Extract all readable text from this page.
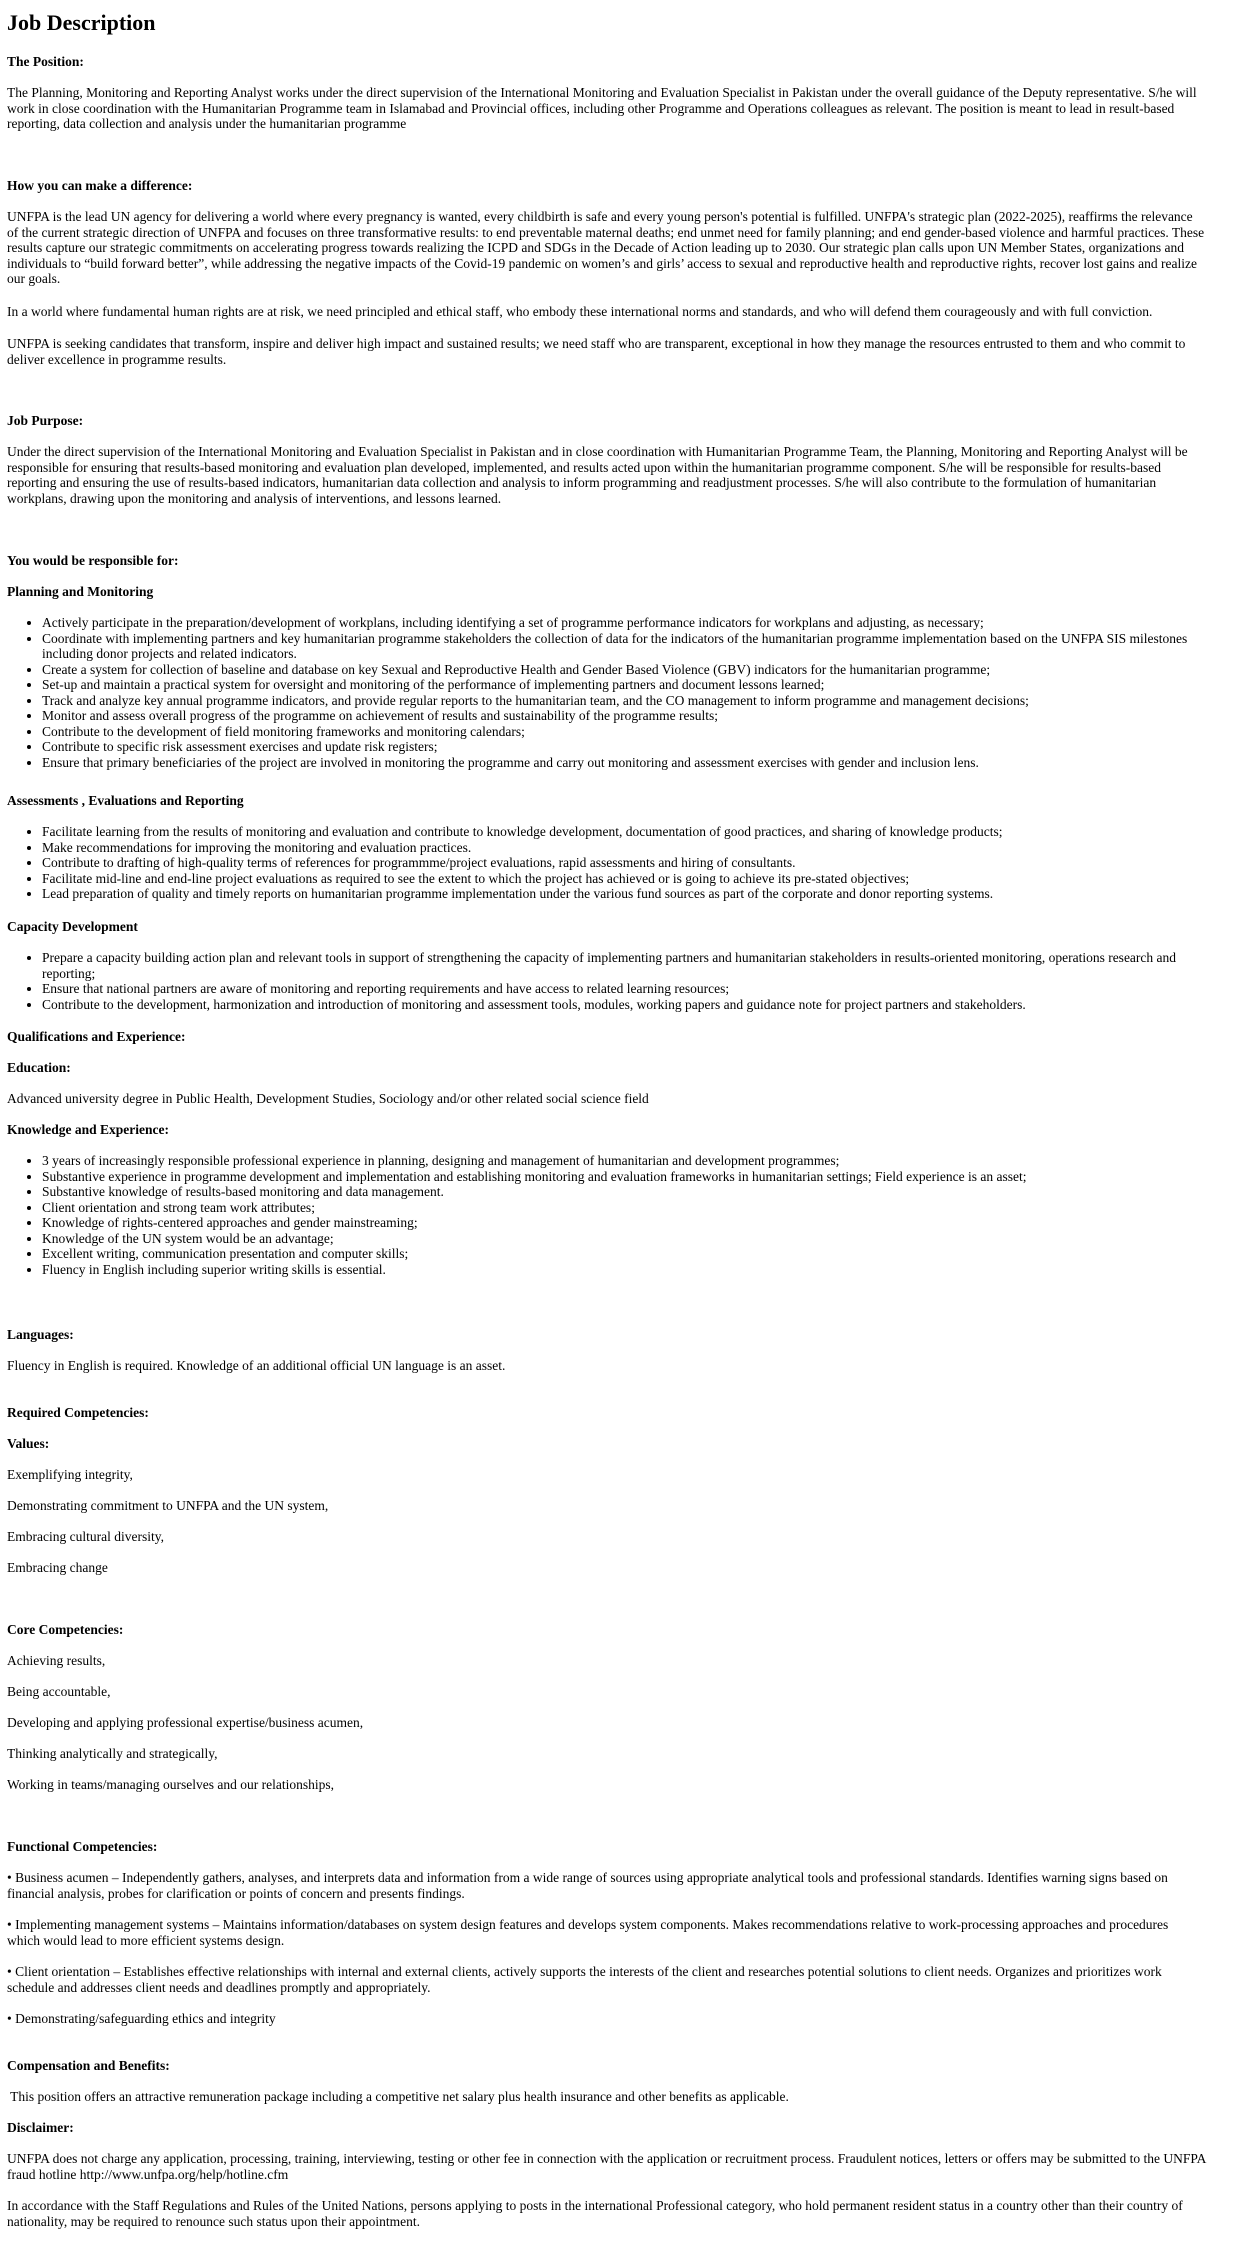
Job Description
The Position:

The Planning, Monitoring and Reporting Analyst works under the direct supervision of the International Monitoring and Evaluation Specialist in Pakistan under the overall guidance of the Deputy representative. S/he will

work in close coordination with the Humanitarian Programme team in Islamabad and Provincial offices, including other Programme and Operations colleagues as relevant. The position is meant to lead in result-based

reporting, data collection and analysis under the humanitarian programme

How you can make a difference:

UNFPA is the lead UN agency for delivering a world where every pregnancy is wanted, every childbirth is safe and every young person's potential is fulfilled. UNFPA's strategic plan (2022-2025), reaffirms the relevance

of the current strategic direction of UNFPA and focuses on three transformative results: to end preventable maternal deaths; end unmet need for family planning; and end gender-based violence and harmful practices. These

results capture our strategic commitments on accelerating progress towards realizing the ICPD and SDGs in the Decade of Action leading up to 2030. Our strategic plan calls upon UN Member States, organizations and

individuals to “build forward better”, while addressing the negative impacts of the Covid-19 pandemic on women’s and girls’ access to sexual and reproductive health and reproductive rights, recover lost gains and realize

our goals.

In a world where fundamental human rights are at risk, we need principled and ethical staff, who embody these international norms and standards, and who will defend them courageously and with full conviction.

UNFPA is seeking candidates that transform, inspire and deliver high impact and sustained results; we need staff who are transparent, exceptional in how they manage the resources entrusted to them and who commit to

deliver excellence in programme results.

Job Purpose:

Under the direct supervision of the International Monitoring and Evaluation Specialist in Pakistan and in close coordination with Humanitarian Programme Team, the Planning, Monitoring and Reporting Analyst will be

responsible for ensuring that results-based monitoring and evaluation plan developed, implemented, and results acted upon within the humanitarian programme component. S/he will be responsible for results-based

reporting and ensuring the use of results-based indicators, humanitarian data collection and analysis to inform programming and readjustment processes. S/he will also contribute to the formulation of humanitarian

workplans, drawing upon the monitoring and analysis of interventions, and lessons learned.

You would be responsible for:
Planning and Monitoring
• Actively participate in the preparation/development of workplans, including identifying a set of programme performance indicators for workplans and adjusting, as necessary;
• Coordinate with implementing partners and key humanitarian programme stakeholders the collection of data for the indicators of the humanitarian programme implementation based on the UNFPA SIS milestones
including donor projects and related indicators.
• Create a system for collection of baseline and database on key Sexual and Reproductive Health and Gender Based Violence (GBV) indicators for the humanitarian programme;
• Set-up and maintain a practical system for oversight and monitoring of the performance of implementing partners and document lessons learned;
• Track and analyze key annual programme indicators, and provide regular reports to the humanitarian team, and the CO management to inform programme and management decisions;
• Monitor and assess overall progress of the programme on achievement of results and sustainability of the programme results;
• Contribute to the development of field monitoring frameworks and monitoring calendars;
• Contribute to specific risk assessment exercises and update risk registers;
• Ensure that primary beneficiaries of the project are involved in monitoring the programme and carry out monitoring and assessment exercises with gender and inclusion lens.
Assessments , Evaluations and Reporting
• Facilitate learning from the results of monitoring and evaluation and contribute to knowledge development, documentation of good practices, and sharing of knowledge products;
• Make recommendations for improving the monitoring and evaluation practices.
• Contribute to drafting of high-quality terms of references for programmme/project evaluations, rapid assessments and hiring of consultants.
• Facilitate mid-line and end-line project evaluations as required to see the extent to which the project has achieved or is going to achieve its pre-stated objectives;
• Lead preparation of quality and timely reports on humanitarian programme implementation under the various fund sources as part of the corporate and donor reporting systems.
Capacity Development
• Prepare a capacity building action plan and relevant tools in support of strengthening the capacity of implementing partners and humanitarian stakeholders in results-oriented monitoring, operations research and
reporting;
• Ensure that national partners are aware of monitoring and reporting requirements and have access to related learning resources;
• Contribute to the development, harmonization and introduction of monitoring and assessment tools, modules, working papers and guidance note for project partners and stakeholders.
Qualifications and Experience:
Education:
Advanced university degree in Public Health, Development Studies, Sociology and/or other related social science field
Knowledge and Experience:
• 3 years of increasingly responsible professional experience in planning, designing and management of humanitarian and development programmes;
• Substantive experience in programme development and implementation and establishing monitoring and evaluation frameworks in humanitarian settings; Field experience is an asset;
• Substantive knowledge of results-based monitoring and data management.
• Client orientation and strong team work attributes;
• Knowledge of rights-centered approaches and gender mainstreaming;
• Knowledge of the UN system would be an advantage;
• Excellent writing, communication presentation and computer skills;
• Fluency in English including superior writing skills is essential.
Languages:
Fluency in English is required. Knowledge of an additional official UN language is an asset.
Required Competencies:
Values:
Exemplifying integrity,
Demonstrating commitment to UNFPA and the UN system,
Embracing cultural diversity,
Embracing change
Core Competencies:
Achieving results,
Being accountable,
Developing and applying professional expertise/business acumen,
Thinking analytically and strategically,
Working in teams/managing ourselves and our relationships,
Functional Competencies:

• Business acumen – Independently gathers, analyses, and interprets data and information from a wide range of sources using appropriate analytical tools and professional standards. Identifies warning signs based on

financial analysis, probes for clarification or points of concern and presents findings.

• Implementing management systems – Maintains information/databases on system design features and develops system components. Makes recommendations relative to work-processing approaches and procedures

which would lead to more efficient systems design.

• Client orientation – Establishes effective relationships with internal and external clients, actively supports the interests of the client and researches potential solutions to client needs. Organizes and prioritizes work

schedule and addresses client needs and deadlines promptly and appropriately.

• Demonstrating/safeguarding ethics and integrity

Compensation and Benefits:
This position offers an attractive remuneration package including a competitive net salary plus health insurance and other benefits as applicable.
Disclaimer:

UNFPA does not charge any application, processing, training, interviewing, testing or other fee in connection with the application or recruitment process. Fraudulent notices, letters or offers may be submitted to the UNFPA

fraud hotline http://www.unfpa.org/help/hotline.cfm

In accordance with the Staff Regulations and Rules of the United Nations, persons applying to posts in the international Professional category, who hold permanent resident status in a country other than their country of

nationality, may be required to renounce such status upon their appointment.
